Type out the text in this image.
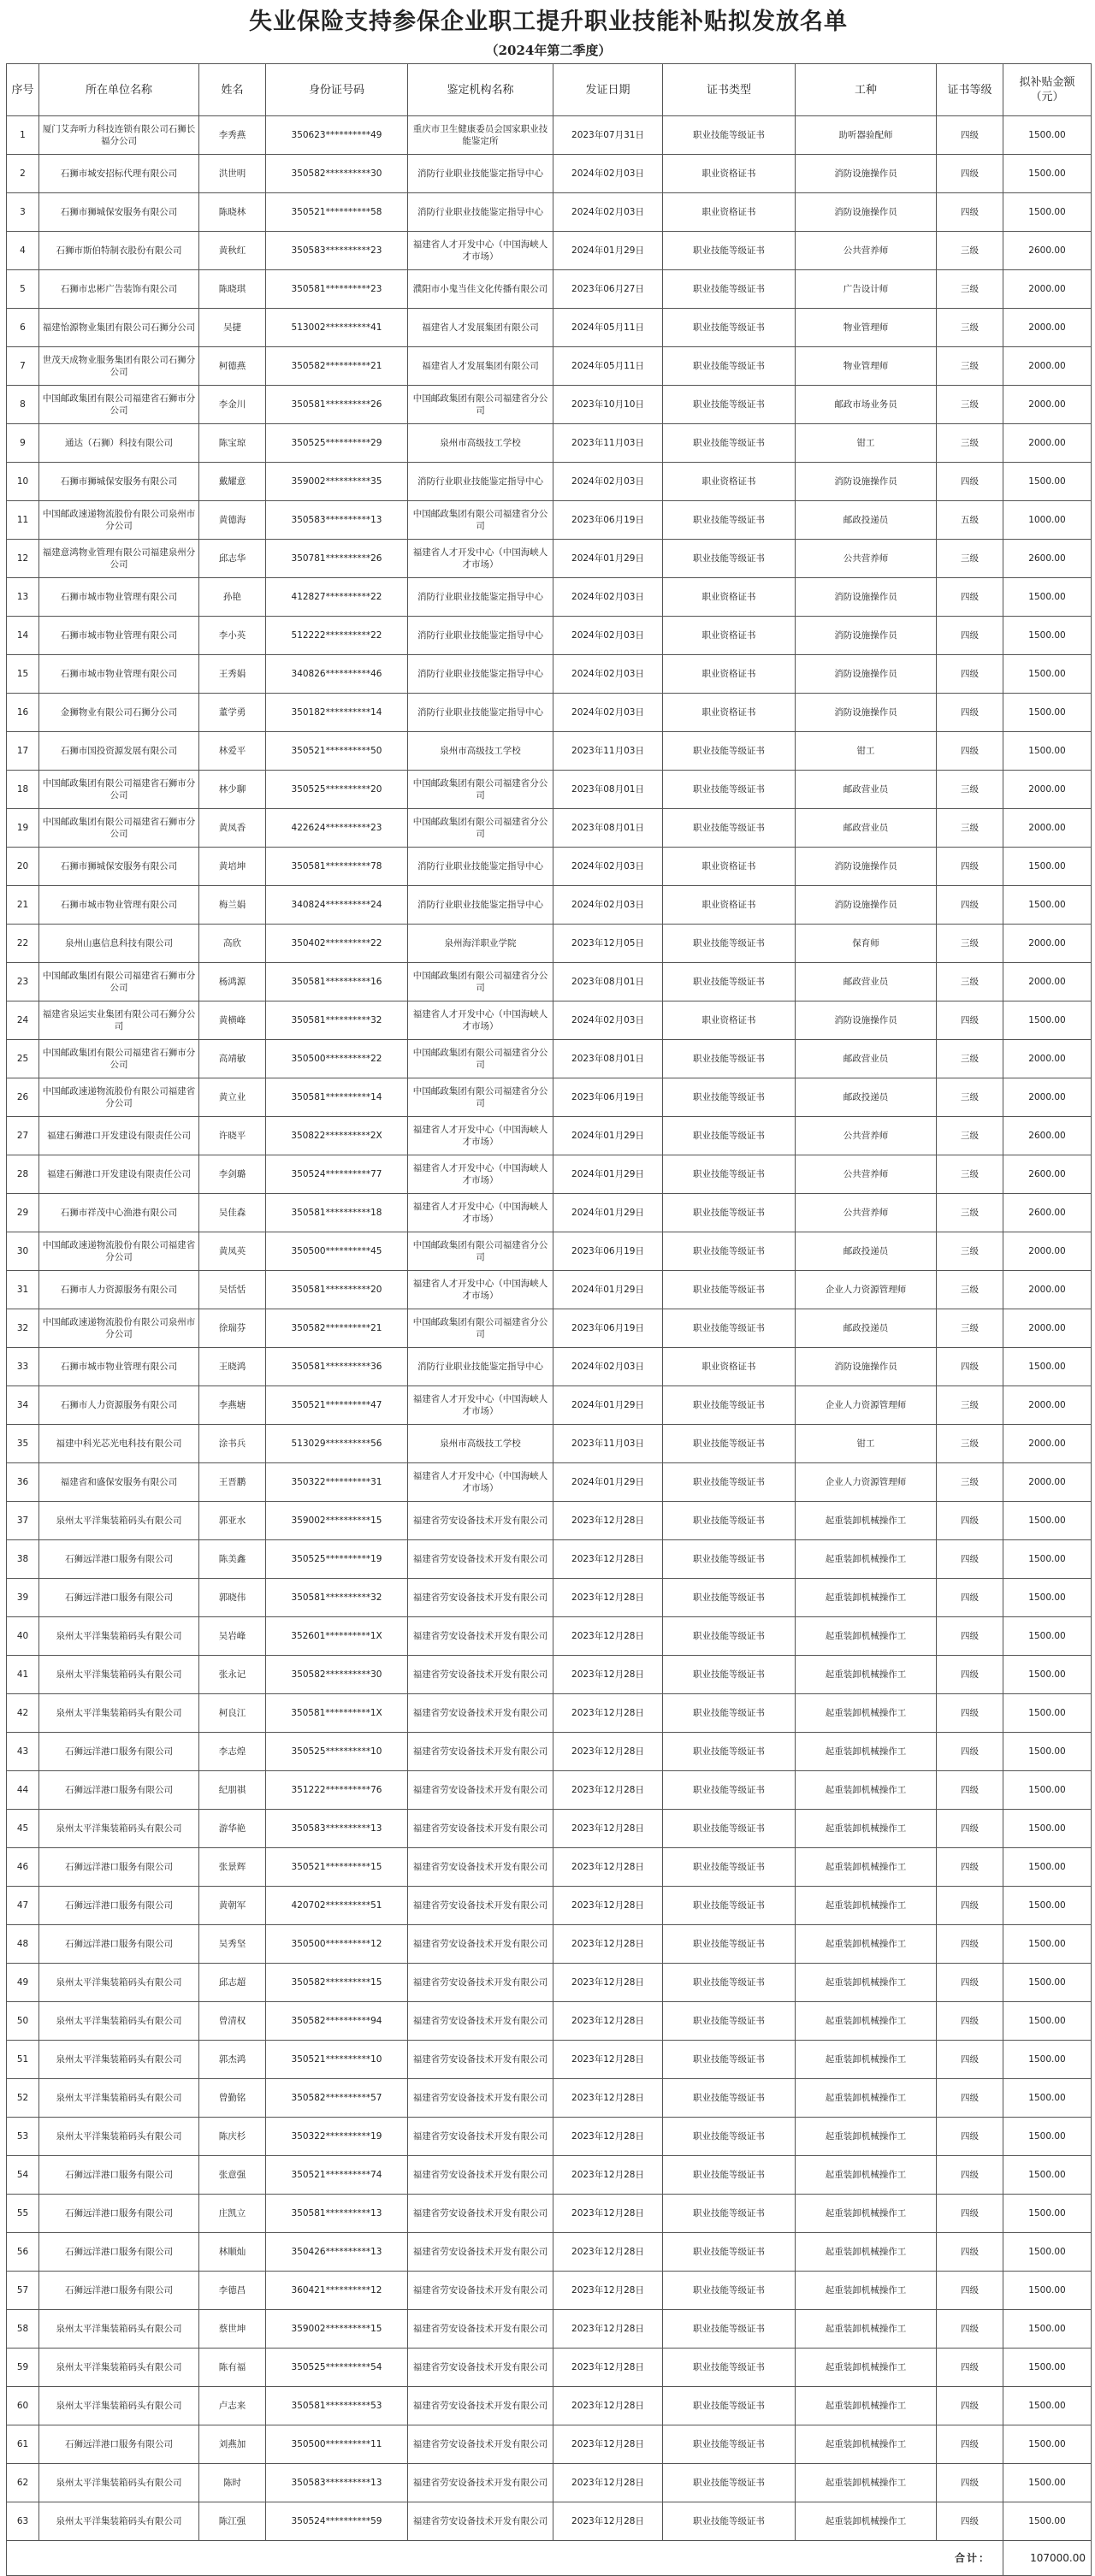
失业保险支持参保企业职工提升职业技能补贴拟发放名单
（2024年第二季度）
序号	所在单位名称	姓名	身份证号码	鉴定机构名称	发证日期	证书类型	工种	证书等级	拟补贴金额（元）
1	厦门艾奔听力科技连锁有限公司石狮长福分公司	李秀燕	350623**********49	重庆市卫生健康委员会国家职业技能鉴定所	2023年07月31日	职业技能等级证书	助听器验配师	四级	1500.00
2	石狮市城安招标代理有限公司	洪世明	350582**********30	消防行业职业技能鉴定指导中心	2024年02月03日	职业资格证书	消防设施操作员	四级	1500.00
3	石狮市狮城保安服务有限公司	陈晓林	350521**********58	消防行业职业技能鉴定指导中心	2024年02月03日	职业资格证书	消防设施操作员	四级	1500.00
4	石狮市斯伯特制衣股份有限公司	黄秋红	350583**********23	福建省人才开发中心（中国海峡人才市场）	2024年01月29日	职业技能等级证书	公共营养师	三级	2600.00
5	石狮市忠彬广告装饰有限公司	陈晓琪	350581**********23	濮阳市小鬼当佳文化传播有限公司	2023年06月27日	职业技能等级证书	广告设计师	三级	2000.00
6	福建怡源物业集团有限公司石狮分公司	吴捷	513002**********41	福建省人才发展集团有限公司	2024年05月11日	职业技能等级证书	物业管理师	三级	2000.00
7	世茂天成物业服务集团有限公司石狮分公司	柯德燕	350582**********21	福建省人才发展集团有限公司	2024年05月11日	职业技能等级证书	物业管理师	三级	2000.00
8	中国邮政集团有限公司福建省石狮市分公司	李金川	350581**********26	中国邮政集团有限公司福建省分公司	2023年10月10日	职业技能等级证书	邮政市场业务员	三级	2000.00
9	通达（石狮）科技有限公司	陈宝琼	350525**********29	泉州市高级技工学校	2023年11月03日	职业技能等级证书	钳工	三级	2000.00
10	石狮市狮城保安服务有限公司	戴耀意	359002**********35	消防行业职业技能鉴定指导中心	2024年02月03日	职业资格证书	消防设施操作员	四级	1500.00
11	中国邮政速递物流股份有限公司泉州市分公司	黄德海	350583**********13	中国邮政集团有限公司福建省分公司	2023年06月19日	职业技能等级证书	邮政投递员	五级	1000.00
12	福建意鸿物业管理有限公司福建泉州分公司	邱志华	350781**********26	福建省人才开发中心（中国海峡人才市场）	2024年01月29日	职业技能等级证书	公共营养师	三级	2600.00
13	石狮市城市物业管理有限公司	孙艳	412827**********22	消防行业职业技能鉴定指导中心	2024年02月03日	职业资格证书	消防设施操作员	四级	1500.00
14	石狮市城市物业管理有限公司	李小英	512222**********22	消防行业职业技能鉴定指导中心	2024年02月03日	职业资格证书	消防设施操作员	四级	1500.00
15	石狮市城市物业管理有限公司	王秀娟	340826**********46	消防行业职业技能鉴定指导中心	2024年02月03日	职业资格证书	消防设施操作员	四级	1500.00
16	金狮物业有限公司石狮分公司	董学勇	350182**********14	消防行业职业技能鉴定指导中心	2024年02月03日	职业资格证书	消防设施操作员	四级	1500.00
17	石狮市国投资源发展有限公司	林爱平	350521**********50	泉州市高级技工学校	2023年11月03日	职业技能等级证书	钳工	四级	1500.00
18	中国邮政集团有限公司福建省石狮市分公司	林少聊	350525**********20	中国邮政集团有限公司福建省分公司	2023年08月01日	职业技能等级证书	邮政营业员	三级	2000.00
19	中国邮政集团有限公司福建省石狮市分公司	黄凤香	422624**********23	中国邮政集团有限公司福建省分公司	2023年08月01日	职业技能等级证书	邮政营业员	三级	2000.00
20	石狮市狮城保安服务有限公司	黄培坤	350581**********78	消防行业职业技能鉴定指导中心	2024年02月03日	职业资格证书	消防设施操作员	四级	1500.00
21	石狮市城市物业管理有限公司	梅兰娟	340824**********24	消防行业职业技能鉴定指导中心	2024年02月03日	职业资格证书	消防设施操作员	四级	1500.00
22	泉州山惠信息科技有限公司	高欣	350402**********22	泉州海洋职业学院	2023年12月05日	职业技能等级证书	保育师	三级	2000.00
23	中国邮政集团有限公司福建省石狮市分公司	杨鸿源	350581**********16	中国邮政集团有限公司福建省分公司	2023年08月01日	职业技能等级证书	邮政营业员	三级	2000.00
24	福建省泉运实业集团有限公司石狮分公司	黄横峰	350581**********32	福建省人才开发中心（中国海峡人才市场）	2024年02月03日	职业资格证书	消防设施操作员	四级	1500.00
25	中国邮政集团有限公司福建省石狮市分公司	高靖敏	350500**********22	中国邮政集团有限公司福建省分公司	2023年08月01日	职业技能等级证书	邮政营业员	三级	2000.00
26	中国邮政速递物流股份有限公司福建省分公司	黄立业	350581**********14	中国邮政集团有限公司福建省分公司	2023年06月19日	职业技能等级证书	邮政投递员	三级	2000.00
27	福建石狮港口开发建设有限责任公司	许晓平	350822**********2X	福建省人才开发中心（中国海峡人才市场）	2024年01月29日	职业技能等级证书	公共营养师	三级	2600.00
28	福建石狮港口开发建设有限责任公司	李剑璐	350524**********77	福建省人才开发中心（中国海峡人才市场）	2024年01月29日	职业技能等级证书	公共营养师	三级	2600.00
29	石狮市祥茂中心渔港有限公司	吴佳森	350581**********18	福建省人才开发中心（中国海峡人才市场）	2024年01月29日	职业技能等级证书	公共营养师	三级	2600.00
30	中国邮政速递物流股份有限公司福建省分公司	黄凤英	350500**********45	中国邮政集团有限公司福建省分公司	2023年06月19日	职业技能等级证书	邮政投递员	三级	2000.00
31	石狮市人力资源服务有限公司	吴恬恬	350581**********20	福建省人才开发中心（中国海峡人才市场）	2024年01月29日	职业技能等级证书	企业人力资源管理师	三级	2000.00
32	中国邮政速递物流股份有限公司泉州市分公司	徐瑞芬	350582**********21	中国邮政集团有限公司福建省分公司	2023年06月19日	职业技能等级证书	邮政投递员	三级	2000.00
33	石狮市城市物业管理有限公司	王晓鸿	350581**********36	消防行业职业技能鉴定指导中心	2024年02月03日	职业资格证书	消防设施操作员	四级	1500.00
34	石狮市人力资源服务有限公司	李燕塘	350521**********47	福建省人才开发中心（中国海峡人才市场）	2024年01月29日	职业技能等级证书	企业人力资源管理师	三级	2000.00
35	福建中科光芯光电科技有限公司	涂书兵	513029**********56	泉州市高级技工学校	2023年11月03日	职业技能等级证书	钳工	三级	2000.00
36	福建省和盛保安服务有限公司	王晋鹏	350322**********31	福建省人才开发中心（中国海峡人才市场）	2024年01月29日	职业技能等级证书	企业人力资源管理师	三级	2000.00
37	泉州太平洋集装箱码头有限公司	郭亚水	359002**********15	福建省劳安设备技术开发有限公司	2023年12月28日	职业技能等级证书	起重装卸机械操作工	四级	1500.00
38	石狮远洋港口服务有限公司	陈美鑫	350525**********19	福建省劳安设备技术开发有限公司	2023年12月28日	职业技能等级证书	起重装卸机械操作工	四级	1500.00
39	石狮远洋港口服务有限公司	郭晓伟	350581**********32	福建省劳安设备技术开发有限公司	2023年12月28日	职业技能等级证书	起重装卸机械操作工	四级	1500.00
40	泉州太平洋集装箱码头有限公司	吴岩峰	352601**********1X	福建省劳安设备技术开发有限公司	2023年12月28日	职业技能等级证书	起重装卸机械操作工	四级	1500.00
41	泉州太平洋集装箱码头有限公司	张永记	350582**********30	福建省劳安设备技术开发有限公司	2023年12月28日	职业技能等级证书	起重装卸机械操作工	四级	1500.00
42	泉州太平洋集装箱码头有限公司	柯良江	350581**********1X	福建省劳安设备技术开发有限公司	2023年12月28日	职业技能等级证书	起重装卸机械操作工	四级	1500.00
43	石狮远洋港口服务有限公司	李志煌	350525**********10	福建省劳安设备技术开发有限公司	2023年12月28日	职业技能等级证书	起重装卸机械操作工	四级	1500.00
44	石狮远洋港口服务有限公司	纪朋祺	351222**********76	福建省劳安设备技术开发有限公司	2023年12月28日	职业技能等级证书	起重装卸机械操作工	四级	1500.00
45	泉州太平洋集装箱码头有限公司	游华艳	350583**********13	福建省劳安设备技术开发有限公司	2023年12月28日	职业技能等级证书	起重装卸机械操作工	四级	1500.00
46	石狮远洋港口服务有限公司	张景辉	350521**********15	福建省劳安设备技术开发有限公司	2023年12月28日	职业技能等级证书	起重装卸机械操作工	四级	1500.00
47	石狮远洋港口服务有限公司	黄朝军	420702**********51	福建省劳安设备技术开发有限公司	2023年12月28日	职业技能等级证书	起重装卸机械操作工	四级	1500.00
48	石狮远洋港口服务有限公司	吴秀坚	350500**********12	福建省劳安设备技术开发有限公司	2023年12月28日	职业技能等级证书	起重装卸机械操作工	四级	1500.00
49	泉州太平洋集装箱码头有限公司	邱志超	350582**********15	福建省劳安设备技术开发有限公司	2023年12月28日	职业技能等级证书	起重装卸机械操作工	四级	1500.00
50	泉州太平洋集装箱码头有限公司	曾清权	350582**********94	福建省劳安设备技术开发有限公司	2023年12月28日	职业技能等级证书	起重装卸机械操作工	四级	1500.00
51	泉州太平洋集装箱码头有限公司	郭杰鸿	350521**********10	福建省劳安设备技术开发有限公司	2023年12月28日	职业技能等级证书	起重装卸机械操作工	四级	1500.00
52	泉州太平洋集装箱码头有限公司	曾勤铭	350582**********57	福建省劳安设备技术开发有限公司	2023年12月28日	职业技能等级证书	起重装卸机械操作工	四级	1500.00
53	泉州太平洋集装箱码头有限公司	陈庆杉	350322**********19	福建省劳安设备技术开发有限公司	2023年12月28日	职业技能等级证书	起重装卸机械操作工	四级	1500.00
54	石狮远洋港口服务有限公司	张意强	350521**********74	福建省劳安设备技术开发有限公司	2023年12月28日	职业技能等级证书	起重装卸机械操作工	四级	1500.00
55	石狮远洋港口服务有限公司	庄凯立	350581**********13	福建省劳安设备技术开发有限公司	2023年12月28日	职业技能等级证书	起重装卸机械操作工	四级	1500.00
56	石狮远洋港口服务有限公司	林顺灿	350426**********13	福建省劳安设备技术开发有限公司	2023年12月28日	职业技能等级证书	起重装卸机械操作工	四级	1500.00
57	石狮远洋港口服务有限公司	李德昌	360421**********12	福建省劳安设备技术开发有限公司	2023年12月28日	职业技能等级证书	起重装卸机械操作工	四级	1500.00
58	泉州太平洋集装箱码头有限公司	蔡世坤	359002**********15	福建省劳安设备技术开发有限公司	2023年12月28日	职业技能等级证书	起重装卸机械操作工	四级	1500.00
59	泉州太平洋集装箱码头有限公司	陈有福	350525**********54	福建省劳安设备技术开发有限公司	2023年12月28日	职业技能等级证书	起重装卸机械操作工	四级	1500.00
60	泉州太平洋集装箱码头有限公司	卢志来	350581**********53	福建省劳安设备技术开发有限公司	2023年12月28日	职业技能等级证书	起重装卸机械操作工	四级	1500.00
61	石狮远洋港口服务有限公司	刘燕加	350500**********11	福建省劳安设备技术开发有限公司	2023年12月28日	职业技能等级证书	起重装卸机械操作工	四级	1500.00
62	泉州太平洋集装箱码头有限公司	陈时	350583**********13	福建省劳安设备技术开发有限公司	2023年12月28日	职业技能等级证书	起重装卸机械操作工	四级	1500.00
63	泉州太平洋集装箱码头有限公司	陈江强	350524**********59	福建省劳安设备技术开发有限公司	2023年12月28日	职业技能等级证书	起重装卸机械操作工	四级	1500.00
合计：									107000.00
